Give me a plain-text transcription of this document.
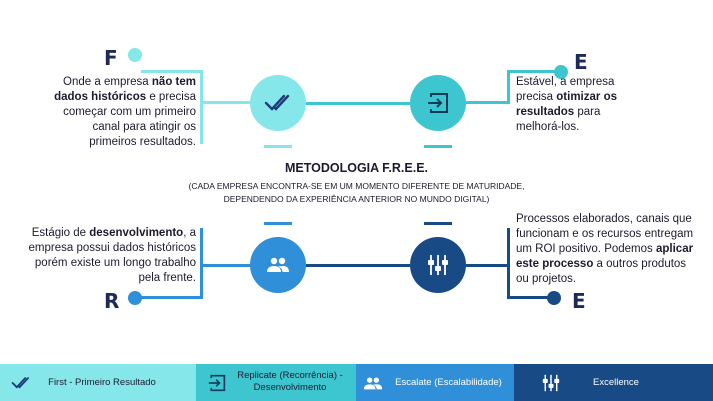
F
Onde a empresa não tem dados históricos e precisa começar com um primeiro canal para atingir os primeiros resultados.
E
Estável, a empresa precisa otimizar os resultados para melhorá-los.
METODOLOGIA F.R.E.E.
(CADA EMPRESA ENCONTRA-SE EM UM MOMENTO DIFERENTE DE MATURIDADE,
DEPENDENDO DA EXPERIÊNCIA ANTERIOR NO MUNDO DIGITAL)
Estágio de desenvolvimento, a empresa possui dados históricos porém existe um longo trabalho pela frente.
R	E
Processos elaborados, canais que funcionam e os recursos entregam um ROI positivo. Podemos aplicar este processo a outros produtos ou projetos.
First - Primeiro Resultado
Replicate (Recorrência) -
Desenvolvimento	Escalate (Escalabilidade)	Excellence
